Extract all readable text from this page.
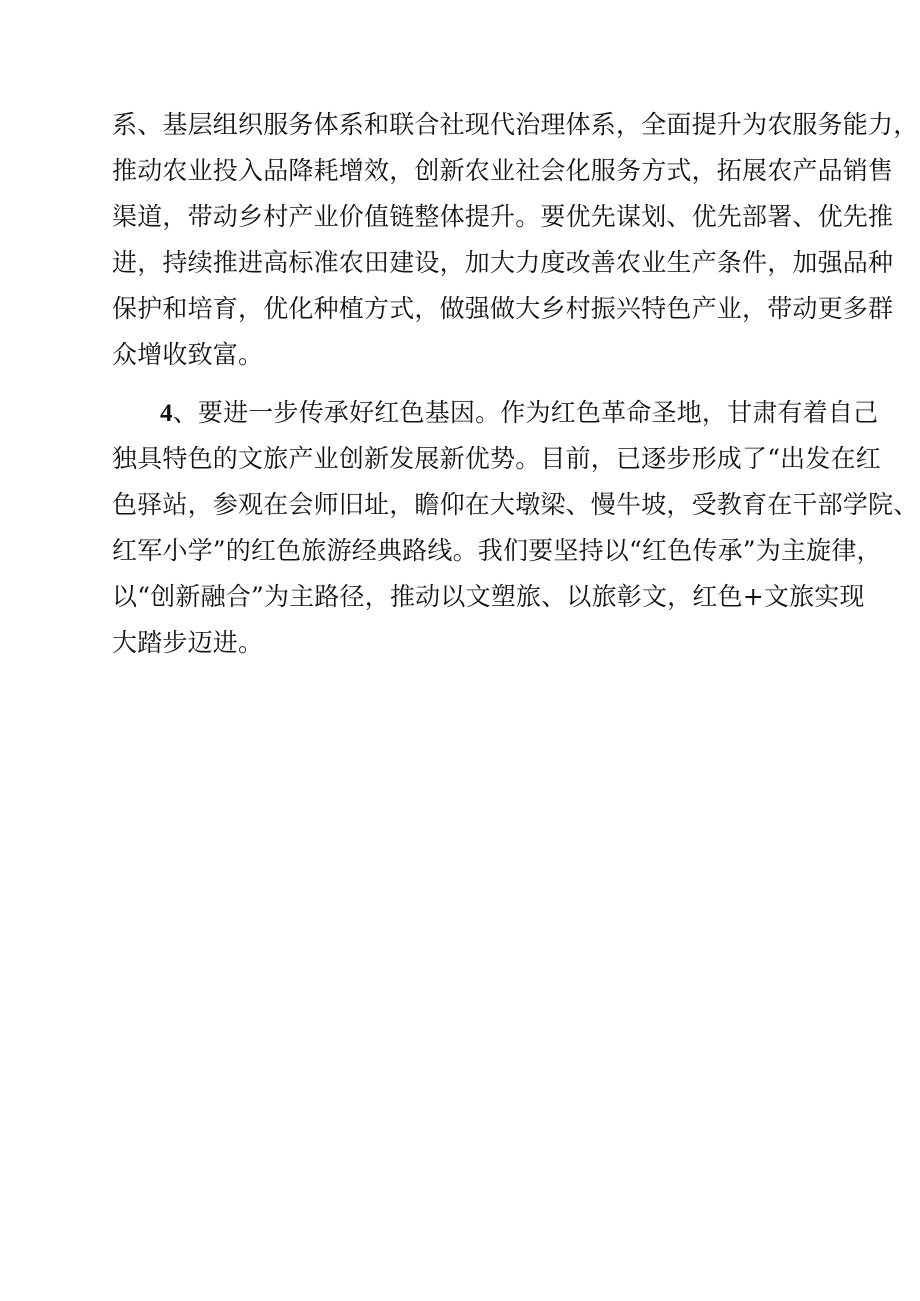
系、基层组织服务体系和联合社现代治理体系，全面提升为农服务能力，
推动农业投入品降耗增效，创新农业社会化服务方式，拓展农产品销售
渠道，带动乡村产业价值链整体提升。要优先谋划、优先部署、优先推
进，持续推进高标准农田建设，加大力度改善农业生产条件，加强品种
保护和培育，优化种植方式，做强做大乡村振兴特色产业，带动更多群
众增收致富。
4、要进一步传承好红色基因。作为红色革命圣地，甘肃有着自己
独具特色的文旅产业创新发展新优势。目前，已逐步形成了“出发在红
色驿站，参观在会师旧址，瞻仰在大墩梁、慢牛坡，受教育在干部学院、
红军小学”的红色旅游经典路线。我们要坚持以“红色传承”为主旋律，
以“创新融合”为主路径，推动以文塑旅、以旅彰文，红色+文旅实现
大踏步迈进。
